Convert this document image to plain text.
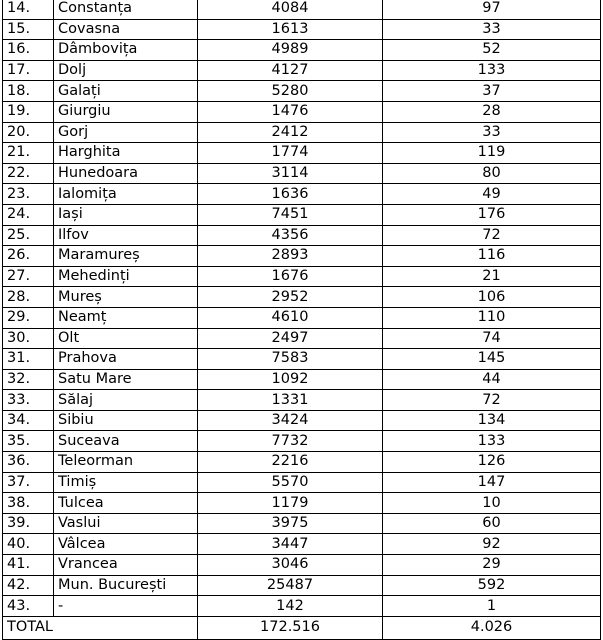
14.	Constanța	4084	97
15.	Covasna	1613	33
16.	Dâmbovița	4989	52
17.	Dolj	4127	133
18.	Galați	5280	37
19.	Giurgiu	1476	28
20.	Gorj	2412	33
21.	Harghita	1774	119
22.	Hunedoara	3114	80
23.	Ialomița	1636	49
24.	Iași	7451	176
25.	Ilfov	4356	72
26.	Maramureș	2893	116
27.	Mehedinți	1676	21
28.	Mureș	2952	106
29.	Neamț	4610	110
30.	Olt	2497	74
31.	Prahova	7583	145
32.	Satu Mare	1092	44
33.	Sălaj	1331	72
34.	Sibiu	3424	134
35.	Suceava	7732	133
36.	Teleorman	2216	126
37.	Timiș	5570	147
38.	Tulcea	1179	10
39.	Vaslui	3975	60
40.	Vâlcea	3447	92
41.	Vrancea	3046	29
42.	Mun. București	25487	592
43.	-	142	1
TOTAL		172.516	4.026
